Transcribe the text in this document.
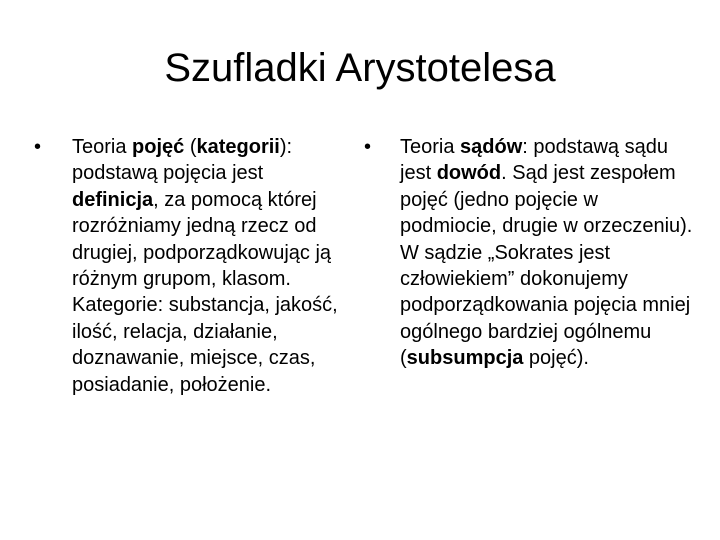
Szufladki Arystotelesa
•	Teoria pojęć (kategorii): podstawą pojęcia jest definicja, za pomocą której rozróżniamy jedną rzecz od drugiej, podporządkowując ją różnym grupom, klasom. Kategorie: substancja, jakość, ilość, relacja, działanie, doznawanie, miejsce, czas, posiadanie, położenie.
•	Teoria sądów: podstawą sądu jest dowód. Sąd jest zespołem pojęć (jedno pojęcie w podmiocie, drugie w orzeczeniu). W sądzie „Sokrates jest człowiekiem” dokonujemy podporządkowania pojęcia mniej ogólnego bardziej ogólnemu (subsumpcja pojęć).
